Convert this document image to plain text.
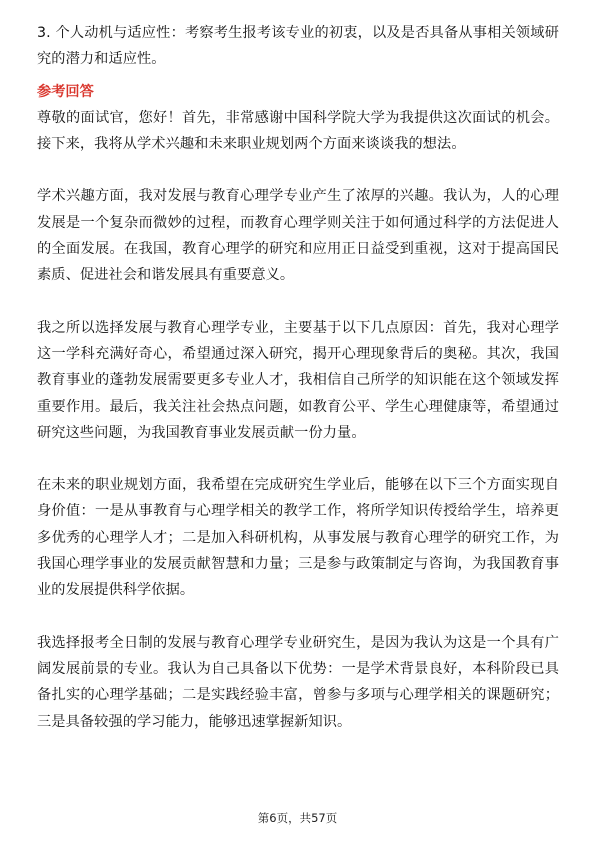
3. 个人动机与适应性：考察考生报考该专业的初衷，以及是否具备从事相关领域研究的潜力和适应性。

参考回答

尊敬的面试官，您好！首先，非常感谢中国科学院大学为我提供这次面试的机会。接下来，我将从学术兴趣和未来职业规划两个方面来谈谈我的想法。

学术兴趣方面，我对发展与教育心理学专业产生了浓厚的兴趣。我认为，人的心理发展是一个复杂而微妙的过程，而教育心理学则关注于如何通过科学的方法促进人的全面发展。在我国，教育心理学的研究和应用正日益受到重视，这对于提高国民素质、促进社会和谐发展具有重要意义。

我之所以选择发展与教育心理学专业，主要基于以下几点原因：首先，我对心理学这一学科充满好奇心，希望通过深入研究，揭开心理现象背后的奥秘。其次，我国教育事业的蓬勃发展需要更多专业人才，我相信自己所学的知识能在这个领域发挥重要作用。最后，我关注社会热点问题，如教育公平、学生心理健康等，希望通过研究这些问题，为我国教育事业发展贡献一份力量。

在未来的职业规划方面，我希望在完成研究生学业后，能够在以下三个方面实现自身价值：一是从事教育与心理学相关的教学工作，将所学知识传授给学生，培养更多优秀的心理学人才；二是加入科研机构，从事发展与教育心理学的研究工作，为我国心理学事业的发展贡献智慧和力量；三是参与政策制定与咨询，为我国教育事业的发展提供科学依据。

我选择报考全日制的发展与教育心理学专业研究生，是因为我认为这是一个具有广阔发展前景的专业。我认为自己具备以下优势：一是学术背景良好，本科阶段已具备扎实的心理学基础；二是实践经验丰富，曾参与多项与心理学相关的课题研究；三是具备较强的学习能力，能够迅速掌握新知识。

第6页，共57页
